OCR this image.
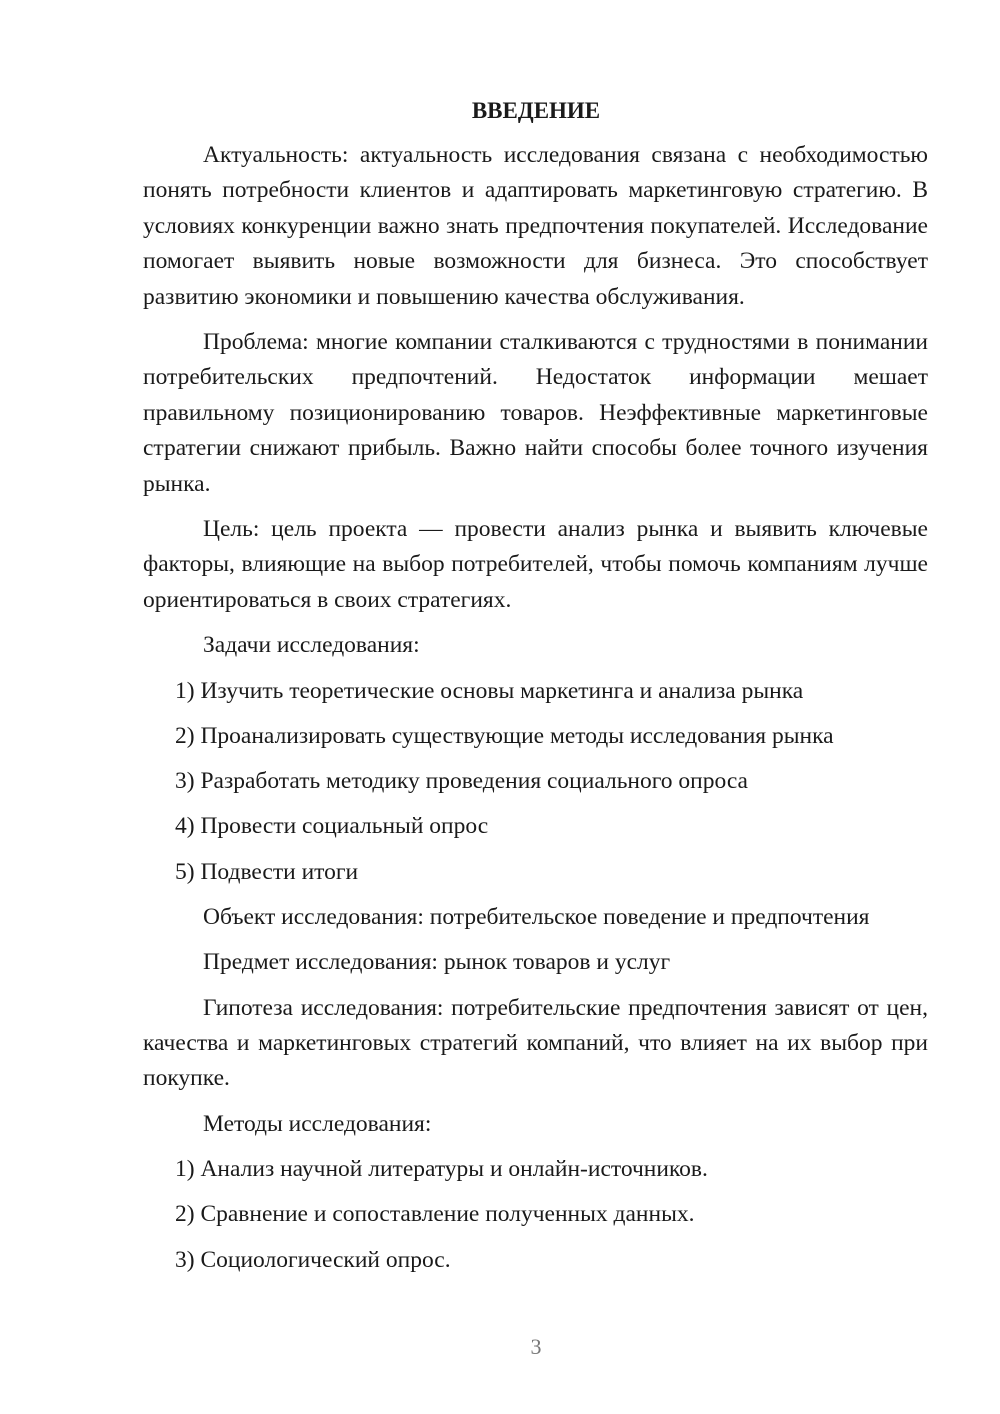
ВВЕДЕНИЕ
Актуальность: актуальность исследования связана с необходимостью понять потребности клиентов и адаптировать маркетинговую стратегию. В условиях конкуренции важно знать предпочтения покупателей. Исследование помогает выявить новые возможности для бизнеса. Это способствует развитию экономики и повышению качества обслуживания.
Проблема: многие компании сталкиваются с трудностями в понимании потребительских предпочтений. Недостаток информации мешает правильному позиционированию товаров. Неэффективные маркетинговые стратегии снижают прибыль. Важно найти способы более точного изучения рынка.
Цель: цель проекта — провести анализ рынка и выявить ключевые факторы, влияющие на выбор потребителей, чтобы помочь компаниям лучше ориентироваться в своих стратегиях.
Задачи исследования:
1) Изучить теоретические основы маркетинга и анализа рынка
2) Проанализировать существующие методы исследования рынка
3) Разработать методику проведения социального опроса
4) Провести социальный опрос
5) Подвести итоги
Объект исследования: потребительское поведение и предпочтения
Предмет исследования: рынок товаров и услуг
Гипотеза исследования: потребительские предпочтения зависят от цен, качества и маркетинговых стратегий компаний, что влияет на их выбор при покупке.
Методы исследования:
1) Анализ научной литературы и онлайн-источников.
2) Сравнение и сопоставление полученных данных.
3) Социологический опрос.
3
